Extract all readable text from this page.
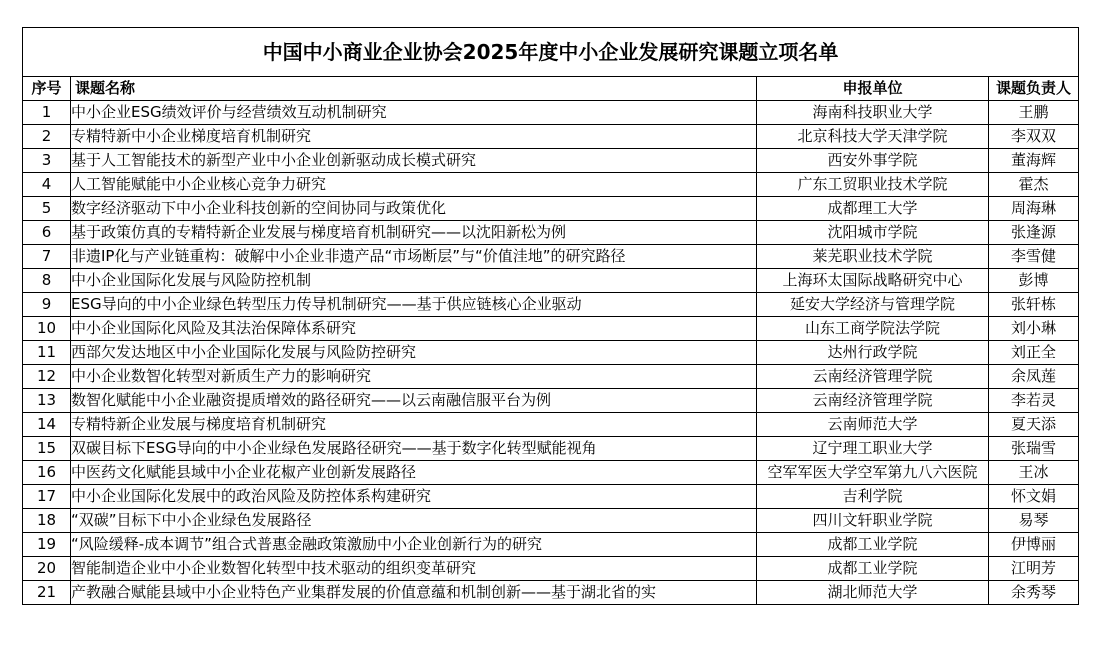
中国中小商业企业协会2025年度中小企业发展研究课题立项名单			
序号	课题名称	申报单位	课题负责人
1	中小企业ESG绩效评价与经营绩效互动机制研究	海南科技职业大学	王鹏
2	专精特新中小企业梯度培育机制研究	北京科技大学天津学院	李双双
3	基于人工智能技术的新型产业中小企业创新驱动成长模式研究	西安外事学院	董海辉
4	人工智能赋能中小企业核心竞争力研究	广东工贸职业技术学院	霍杰
5	数字经济驱动下中小企业科技创新的空间协同与政策优化	成都理工大学	周海琳
6	基于政策仿真的专精特新企业发展与梯度培育机制研究——以沈阳新松为例	沈阳城市学院	张逢源
7	非遗IP化与产业链重构：破解中小企业非遗产品“市场断层”与“价值洼地”的研究路径	莱芜职业技术学院	李雪健
8	中小企业国际化发展与风险防控机制	上海环太国际战略研究中心	彭博
9	ESG导向的中小企业绿色转型压力传导机制研究——基于供应链核心企业驱动	延安大学经济与管理学院	张轩栋
10	中小企业国际化风险及其法治保障体系研究	山东工商学院法学院	刘小琳
11	西部欠发达地区中小企业国际化发展与风险防控研究	达州行政学院	刘正全
12	中小企业数智化转型对新质生产力的影响研究	云南经济管理学院	余凤莲
13	数智化赋能中小企业融资提质增效的路径研究——以云南融信服平台为例	云南经济管理学院	李若灵
14	专精特新企业发展与梯度培育机制研究	云南师范大学	夏天添
15	双碳目标下ESG导向的中小企业绿色发展路径研究——基于数字化转型赋能视角	辽宁理工职业大学	张瑞雪
16	中医药文化赋能县域中小企业花椒产业创新发展路径	空军军医大学空军第九八六医院	王冰
17	中小企业国际化发展中的政治风险及防控体系构建研究	吉利学院	怀文娟
18	“双碳”目标下中小企业绿色发展路径	四川文轩职业学院	易琴
19	“风险缓释-成本调节”组合式普惠金融政策激励中小企业创新行为的研究	成都工业学院	伊博丽
20	智能制造企业中小企业数智化转型中技术驱动的组织变革研究	成都工业学院	江明芳
21	产教融合赋能县域中小企业特色产业集群发展的价值意蕴和机制创新——基于湖北省的实	湖北师范大学	余秀琴
